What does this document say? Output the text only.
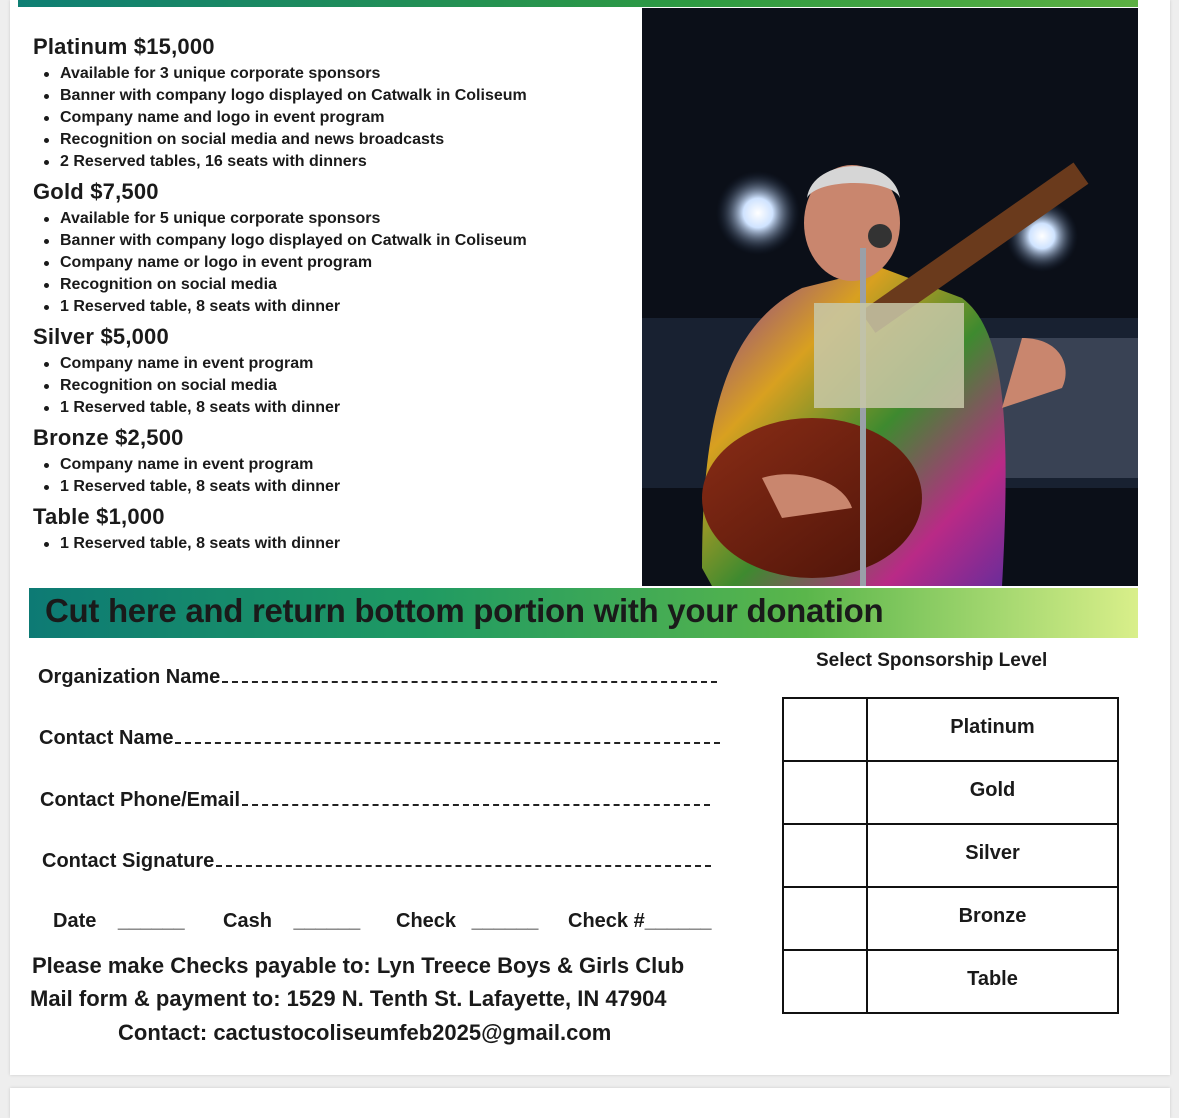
Platinum $15,000
Available for 3 unique corporate sponsors
Banner with company logo displayed on Catwalk in Coliseum
Company name and logo in event program
Recognition on social media and news broadcasts
2 Reserved tables, 16 seats with dinners
Gold $7,500
Available for 5 unique corporate sponsors
Banner with company logo displayed on Catwalk in Coliseum
Company name or logo in event program
Recognition on social media
1 Reserved table, 8 seats with dinner
Silver $5,000
Company name in event program
Recognition on social media
1 Reserved table, 8 seats with dinner
Bronze $2,500
Company name in event program
1 Reserved table, 8 seats with dinner
Table $1,000
1 Reserved table, 8 seats with dinner
Cut here and return bottom portion with your donation
Organization Name
Contact Name
Contact Phone/Email
Contact Signature
Date ______ Cash ______ Check ______ Check #______
Please make Checks payable to: Lyn Treece Boys & Girls Club
Mail form & payment to: 1529 N. Tenth St. Lafayette, IN 47904
Contact: cactustocoliseumfeb2025@gmail.com
Select Sponsorship Level
	Platinum
	Gold
	Silver
	Bronze
	Table
